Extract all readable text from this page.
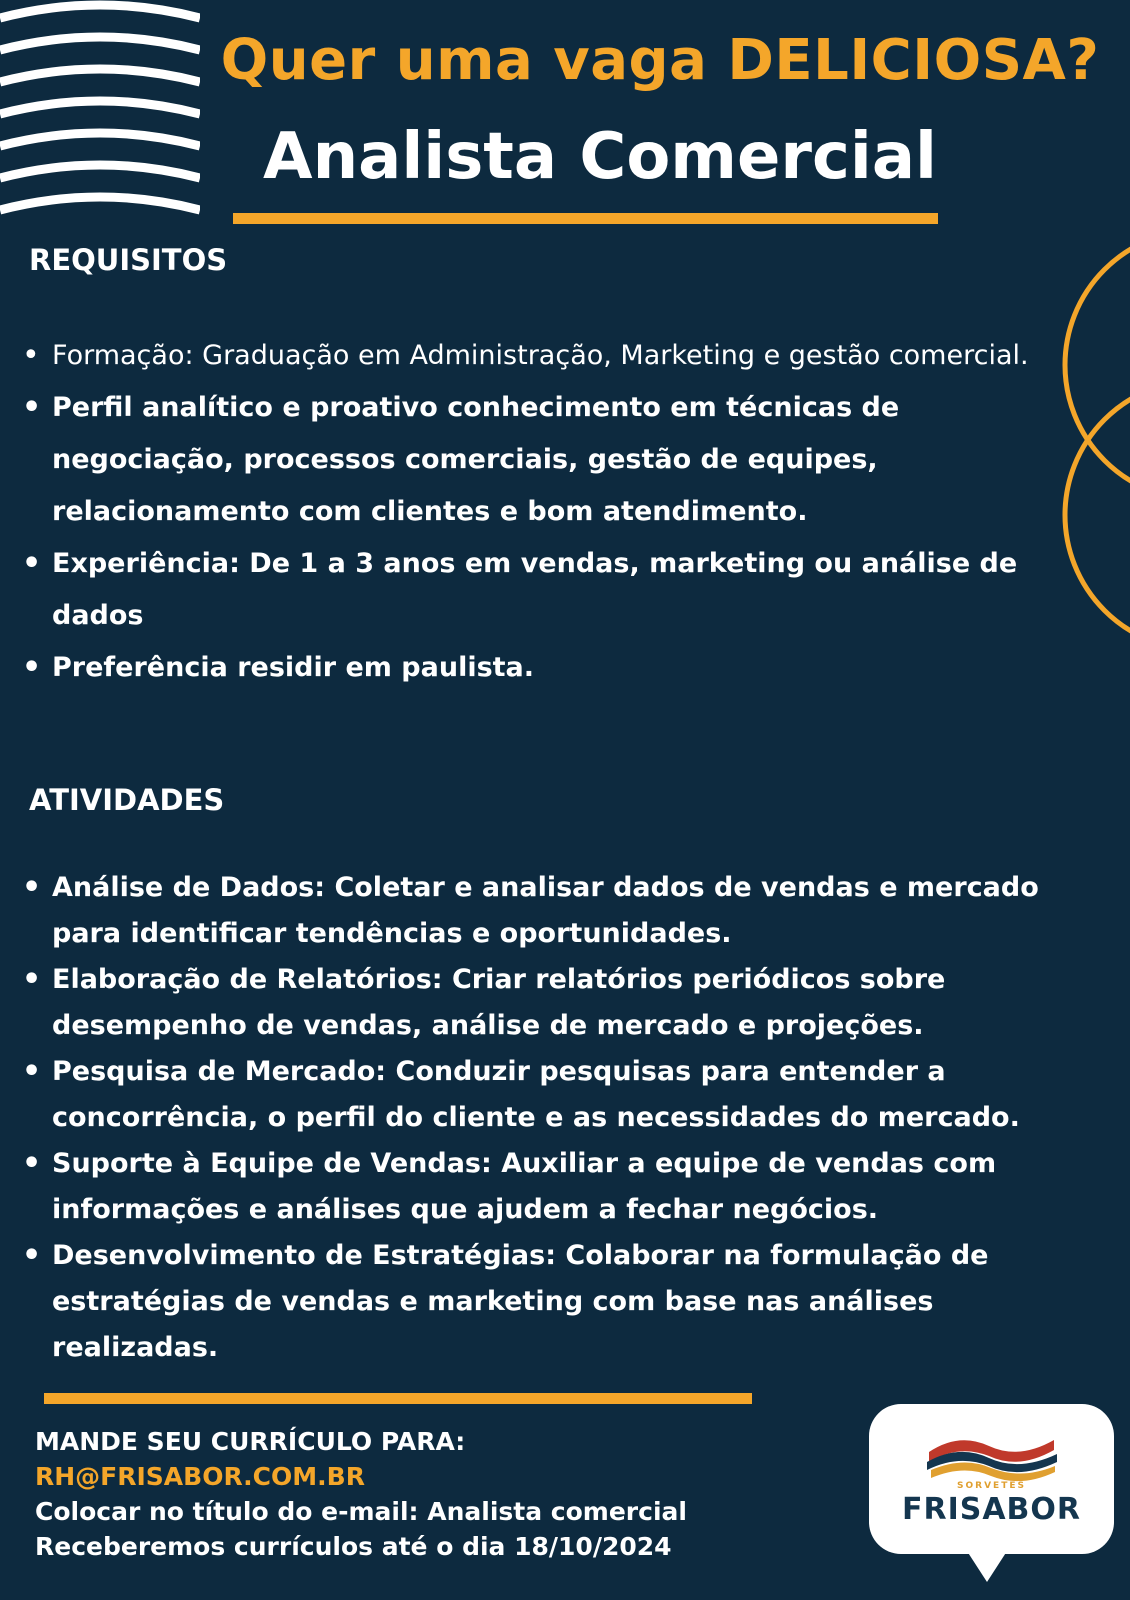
Quer uma vaga DELICIOSA?
Analista Comercial
REQUISITOS
• Formação: Graduação em Administração, Marketing e gestão comercial.
• Perfil analítico e proativo conhecimento em técnicas de negociação, processos comerciais, gestão de equipes, relacionamento com clientes e bom atendimento.
• Experiência: De 1 a 3 anos em vendas, marketing ou análise de dados
• Preferência residir em paulista.
ATIVIDADES
• Análise de Dados: Coletar e analisar dados de vendas e mercado para identificar tendências e oportunidades.
• Elaboração de Relatórios: Criar relatórios periódicos sobre desempenho de vendas, análise de mercado e projeções.
• Pesquisa de Mercado: Conduzir pesquisas para entender a concorrência, o perfil do cliente e as necessidades do mercado.
• Suporte à Equipe de Vendas: Auxiliar a equipe de vendas com informações e análises que ajudem a fechar negócios.
• Desenvolvimento de Estratégias: Colaborar na formulação de estratégias de vendas e marketing com base nas análises realizadas.
MANDE SEU CURRÍCULO PARA:
RH@FRISABOR.COM.BR
Colocar no título do e-mail: Analista comercial
Receberemos currículos até o dia 18/10/2024
SORVETES
FRISABOR
